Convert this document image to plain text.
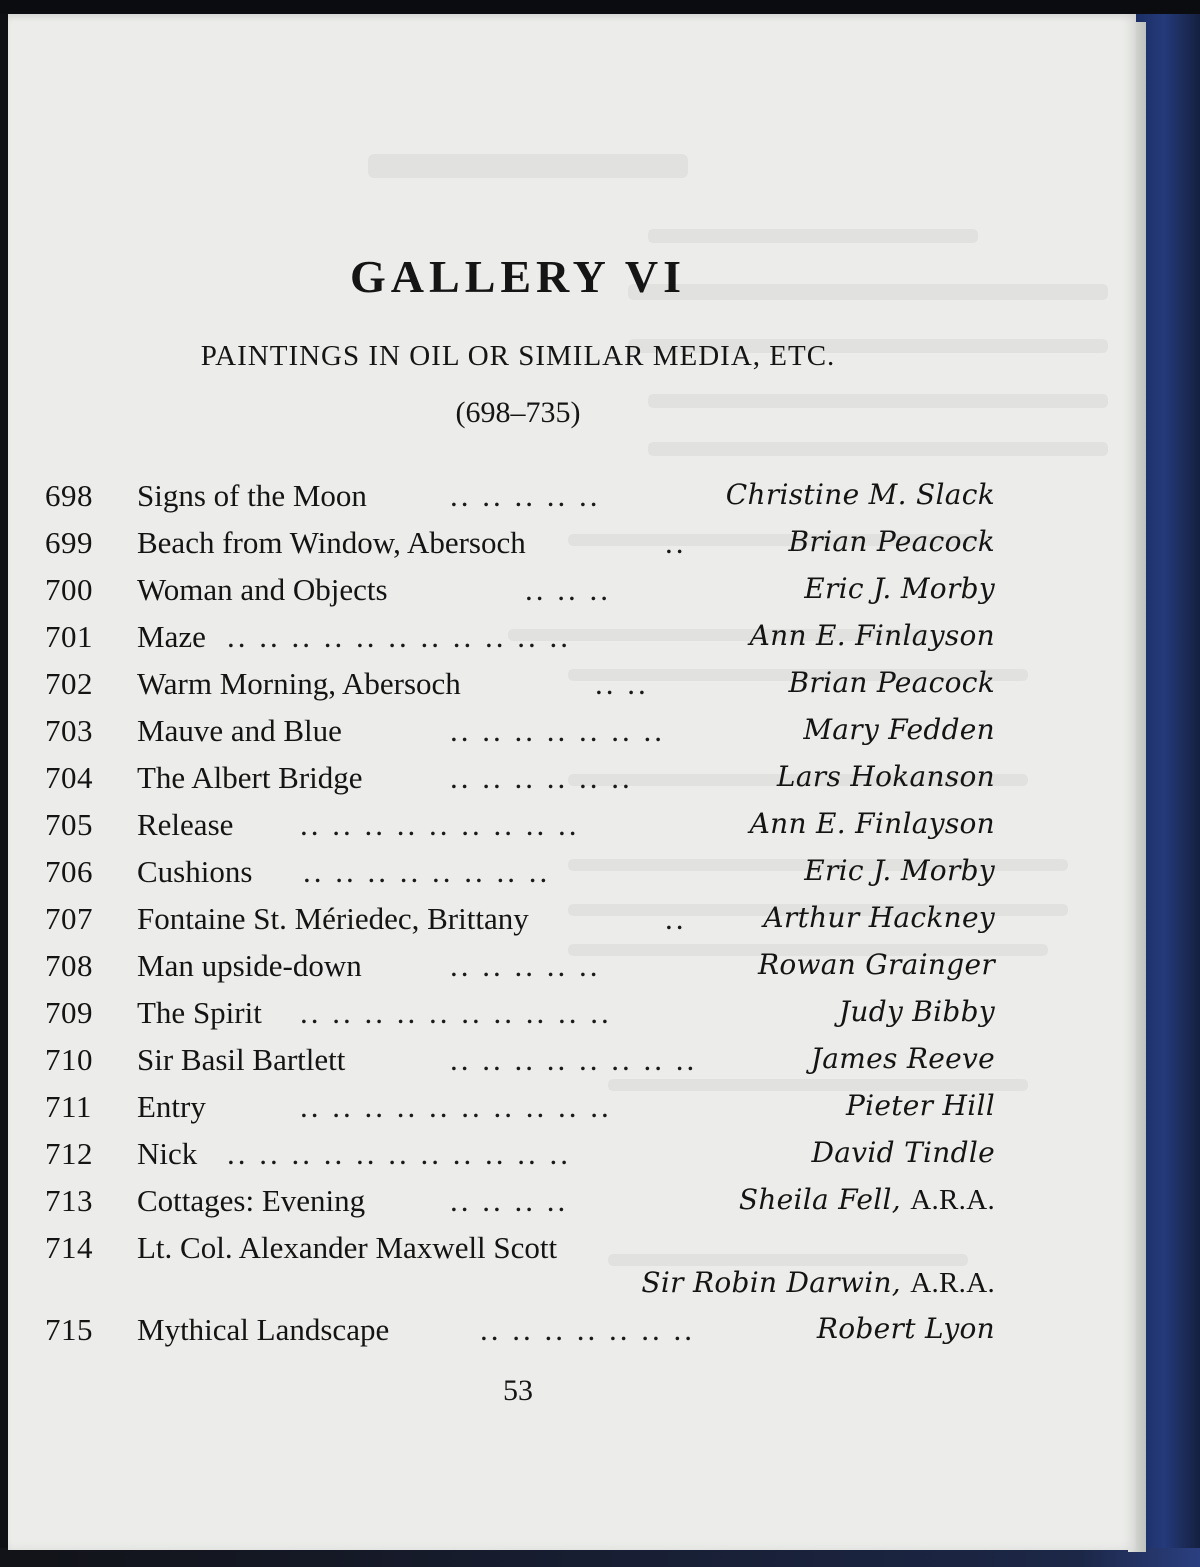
GALLERY VI
PAINTINGS IN OIL OR SIMILAR MEDIA, ETC.
(698–735)
698	Signs of the Moon	.. .. .. .. ..	Christine M. Slack
699	Beach from Window, Abersoch	..	Brian Peacock
700	Woman and Objects	.. .. ..	Eric J. Morby
701	Maze .. .. .. .. .. .. .. .. .. .. ..	Ann E. Finlayson
702	Warm Morning, Abersoch	.. ..	Brian Peacock
703	Mauve and Blue	.. .. .. .. .. .. ..	Mary Fedden
704	The Albert Bridge	.. .. .. .. .. ..	Lars Hokanson
705	Release .. .. .. .. .. .. .. .. ..	Ann E. Finlayson
706	Cushions .. .. .. .. .. .. .. ..	Eric J. Morby
707	Fontaine St. Mériedec, Brittany	..	Arthur Hackney
708	Man upside-down	.. .. .. .. ..	Rowan Grainger
709	The Spirit .. .. .. .. .. .. .. .. .. ..	Judy Bibby
710	Sir Basil Bartlett	.. .. .. .. .. .. .. ..	James Reeve
711	Entry	.. .. .. .. .. .. .. .. .. ..	Pieter Hill
712	Nick .. .. .. .. .. .. .. .. .. .. ..	David Tindle
713	Cottages: Evening	.. .. .. ..	Sheila Fell, A.R.A.
714	Lt. Col. Alexander Maxwell Scott
Sir Robin Darwin, A.R.A.
715	Mythical Landscape	.. .. .. .. .. .. ..	Robert Lyon
53
